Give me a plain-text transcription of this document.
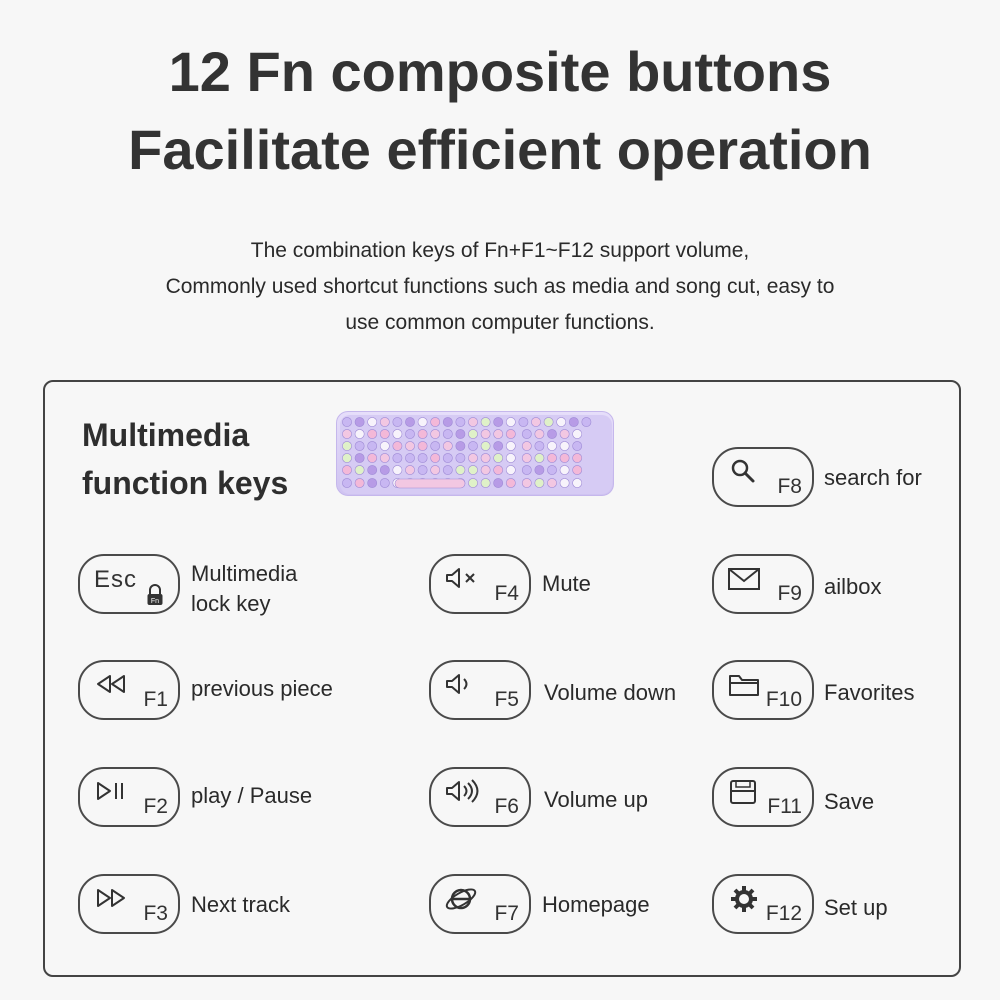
12 Fn composite buttons
Facilitate efficient operation
The combination keys of Fn+F1~F12 support volume,
Commonly used shortcut functions such as media and song cut, easy to
use common computer functions.
Multimedia
function keys
Esc
Fn
Multimedia
lock key
F1 previous piece
F2 play / Pause
F3 Next track
F4 Mute
F5 Volume down
F6 Volume up
F7 Homepage
F8 search for
F9 ailbox
F10 Favorites
F11 Save
F12 Set up
